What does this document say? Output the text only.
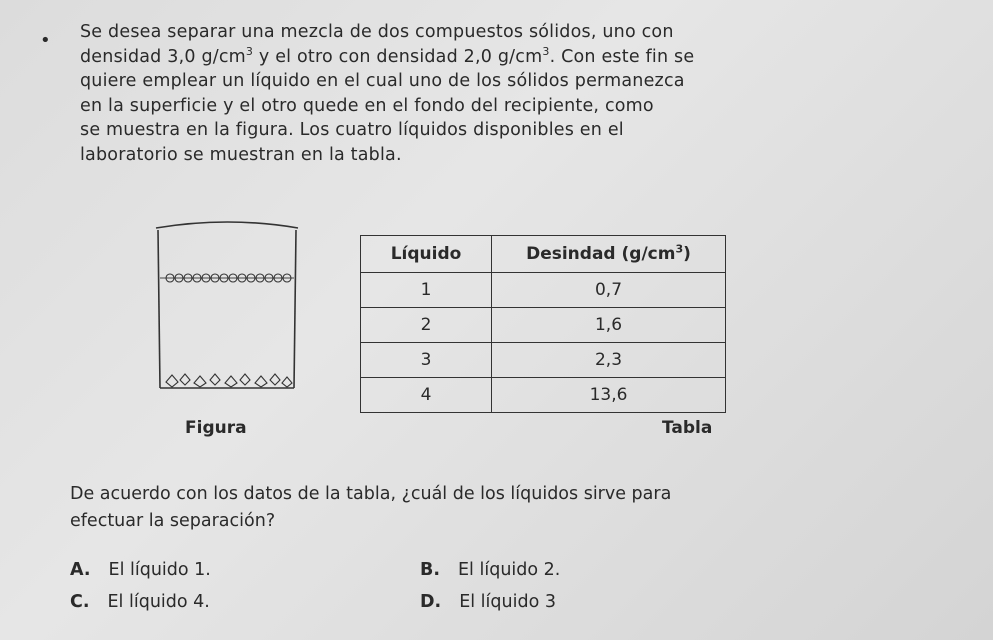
• Se desea separar una mezcla de dos compuestos sólidos, uno con
densidad 3,0 $g/cm^3$ y el otro con densidad 2,0 $g/cm^3$. Con este fin se
quiere emplear un líquido en el cual uno de los sólidos permanezca
en la superficie y el otro quede en el fondo del recipiente, como
se muestra en la figura. Los cuatro líquidos disponibles en el
laboratorio se muestran en la tabla.
Figura
Líquido	Desindad $(g/cm^3)$
1	0,7
2	1,6
3	2,3
4	13,6
Tabla
De acuerdo con los datos de la tabla, ¿cuál de los líquidos sirve para
efectuar la separación?
A. El líquido 1.	B. El líquido 2.
C. El líquido 4.	D. El líquido 3
